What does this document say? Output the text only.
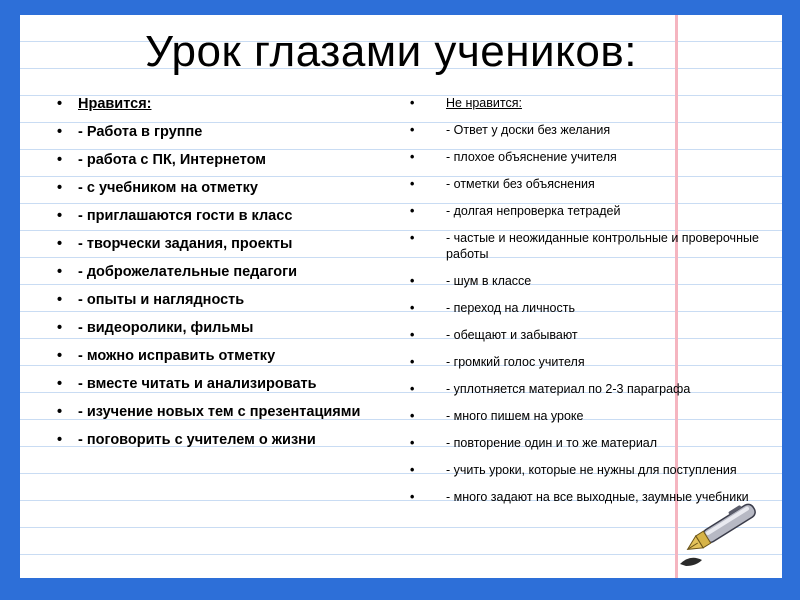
Урок глазами учеников:
• Нравится:
• - Работа в группе
• - работа с ПК, Интернетом
• - с учебником на отметку
• - приглашаются гости в класс
• - творчески задания, проекты
• - доброжелательные педагоги
• - опыты и наглядность
• - видеоролики, фильмы
• - можно исправить отметку
• - вместе читать и анализировать
• - изучение новых тем с презентациями
• - поговорить с учителем о жизни
• Не нравится:
• - Ответ у доски без желания
• - плохое объяснение учителя
• - отметки без объяснения
• - долгая непроверка тетрадей
• - частые и неожиданные контрольные и проверочные работы
• - шум в классе
• - переход на личность
• - обещают и забывают
• - громкий голос учителя
• - уплотняется материал по 2-3 параграфа
• - много пишем на уроке
• - повторение один и то же материал
• - учить уроки, которые не нужны для поступления
• - много задают на все выходные, заумные учебники
